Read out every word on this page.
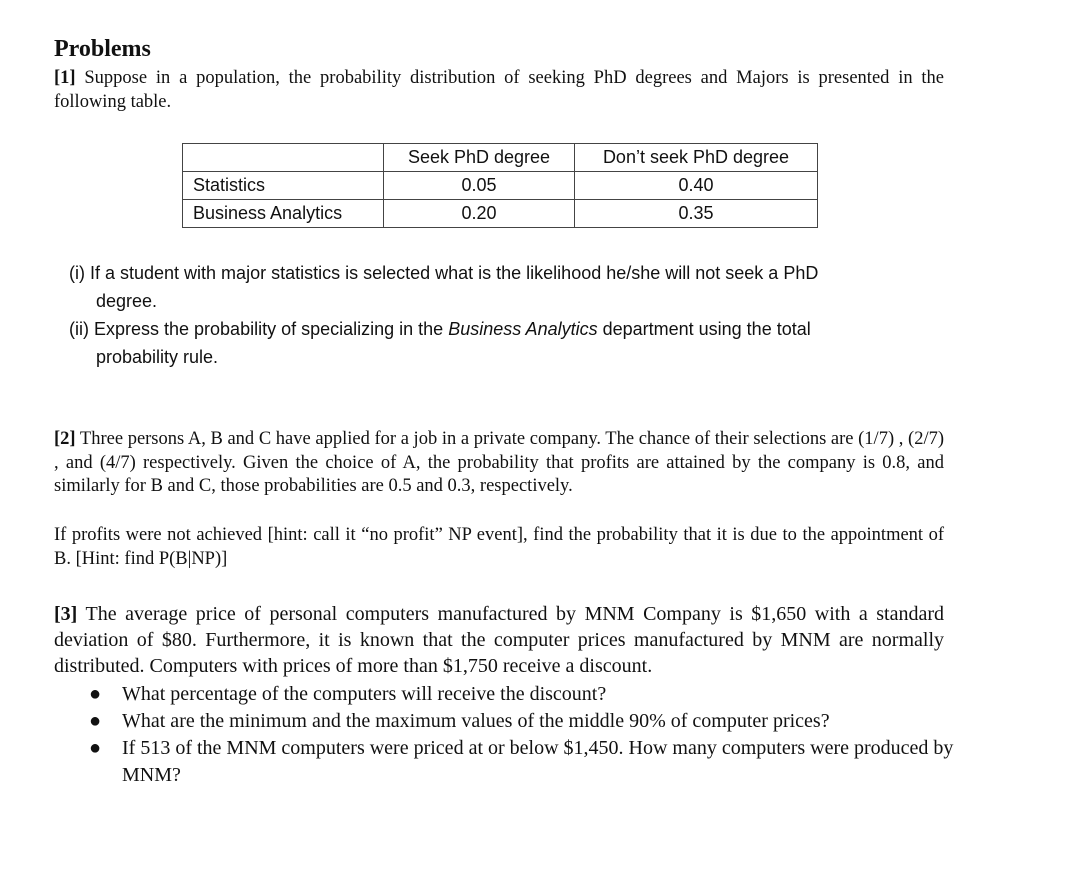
Problems
[1] Suppose in a population, the probability distribution of seeking PhD degrees and Majors is presented in the following table.
	Seek PhD degree	Don’t seek PhD degree
Statistics	0.05	0.40
Business Analytics	0.20	0.35
(i) If a student with major statistics is selected what is the likelihood he/she will not seek a PhD
degree.
(ii) Express the probability of specializing in the Business Analytics department using the total
probability rule.
[2] Three persons A, B and C have applied for a job in a private company. The chance of their selections are (1/7) , (2/7) , and (4/7) respectively. Given the choice of A, the probability that profits are attained by the company is 0.8, and similarly for B and C, those probabilities are 0.5 and 0.3, respectively.
If profits were not achieved [hint: call it “no profit” NP event], find the probability that it is due to the appointment of B. [Hint: find P(B|NP)]
[3] The average price of personal computers manufactured by MNM Company is $1,650 with a standard deviation of $80. Furthermore, it is known that the computer prices manufactured by MNM are normally distributed. Computers with prices of more than $1,750 receive a discount.
● What percentage of the computers will receive the discount?
● What are the minimum and the maximum values of the middle 90% of computer prices?
● If 513 of the MNM computers were priced at or below $1,450. How many computers were produced by MNM?
